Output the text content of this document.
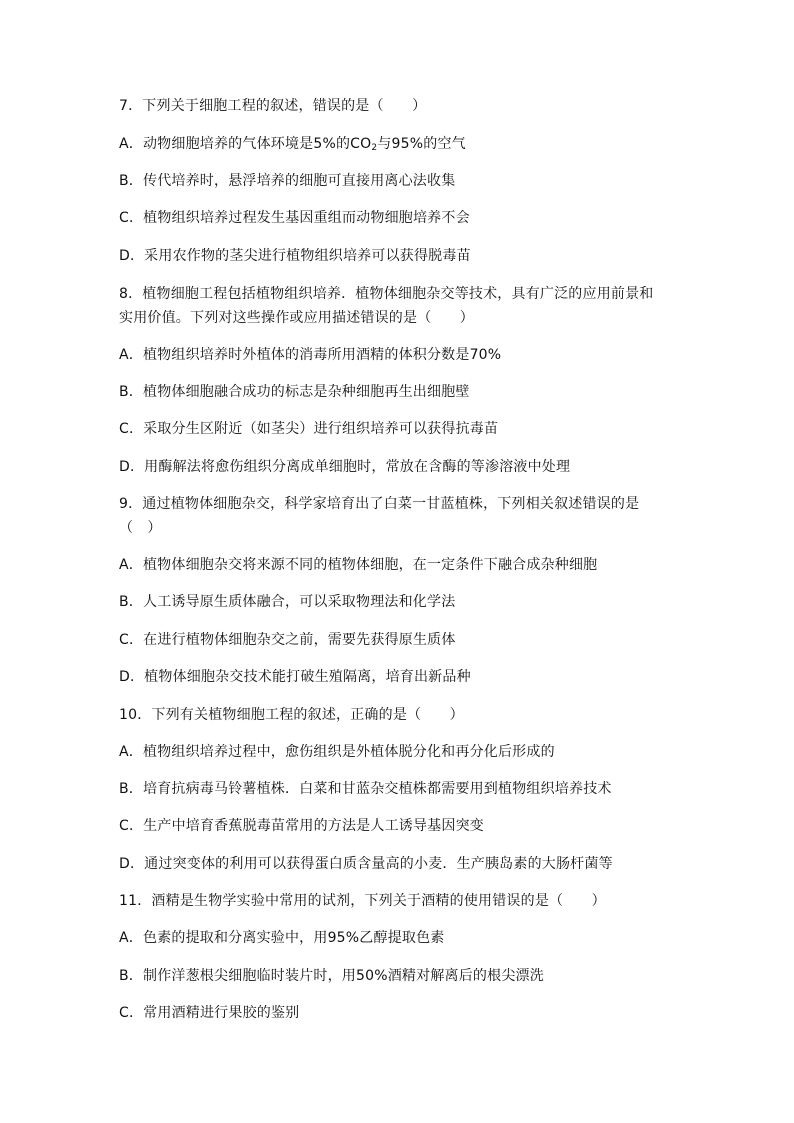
7．下列关于细胞工程的叙述，错误的是（　　）
A．动物细胞培养的气体环境是5%的$CO_2$与95%的空气
B．传代培养时，悬浮培养的细胞可直接用离心法收集
C．植物组织培养过程发生基因重组而动物细胞培养不会
D．采用农作物的茎尖进行植物组织培养可以获得脱毒苗
8．植物细胞工程包括植物组织培养．植物体细胞杂交等技术，具有广泛的应用前景和
实用价值。下列对这些操作或应用描述错误的是（　　）
A．植物组织培养时外植体的消毒所用酒精的体积分数是70%
B．植物体细胞融合成功的标志是杂种细胞再生出细胞壁
C．采取分生区附近（如茎尖）进行组织培养可以获得抗毒苗
D．用酶解法将愈伤组织分离成单细胞时，常放在含酶的等渗溶液中处理
9．通过植物体细胞杂交，科学家培育出了白菜一甘蓝植株，下列相关叙述错误的是
（　）
A．植物体细胞杂交将来源不同的植物体细胞，在一定条件下融合成杂种细胞
B．人工诱导原生质体融合，可以采取物理法和化学法
C．在进行植物体细胞杂交之前，需要先获得原生质体
D．植物体细胞杂交技术能打破生殖隔离，培育出新品种
10．下列有关植物细胞工程的叙述，正确的是（　　）
A．植物组织培养过程中，愈伤组织是外植体脱分化和再分化后形成的
B．培育抗病毒马铃薯植株．白菜和甘蓝杂交植株都需要用到植物组织培养技术
C．生产中培育香蕉脱毒苗常用的方法是人工诱导基因突变
D．通过突变体的利用可以获得蛋白质含量高的小麦．生产胰岛素的大肠杆菌等
11．酒精是生物学实验中常用的试剂，下列关于酒精的使用错误的是（　　）
A．色素的提取和分离实验中，用95%乙醇提取色素
B．制作洋葱根尖细胞临时装片时，用50%酒精对解离后的根尖漂洗
C．常用酒精进行果胶的鉴别
